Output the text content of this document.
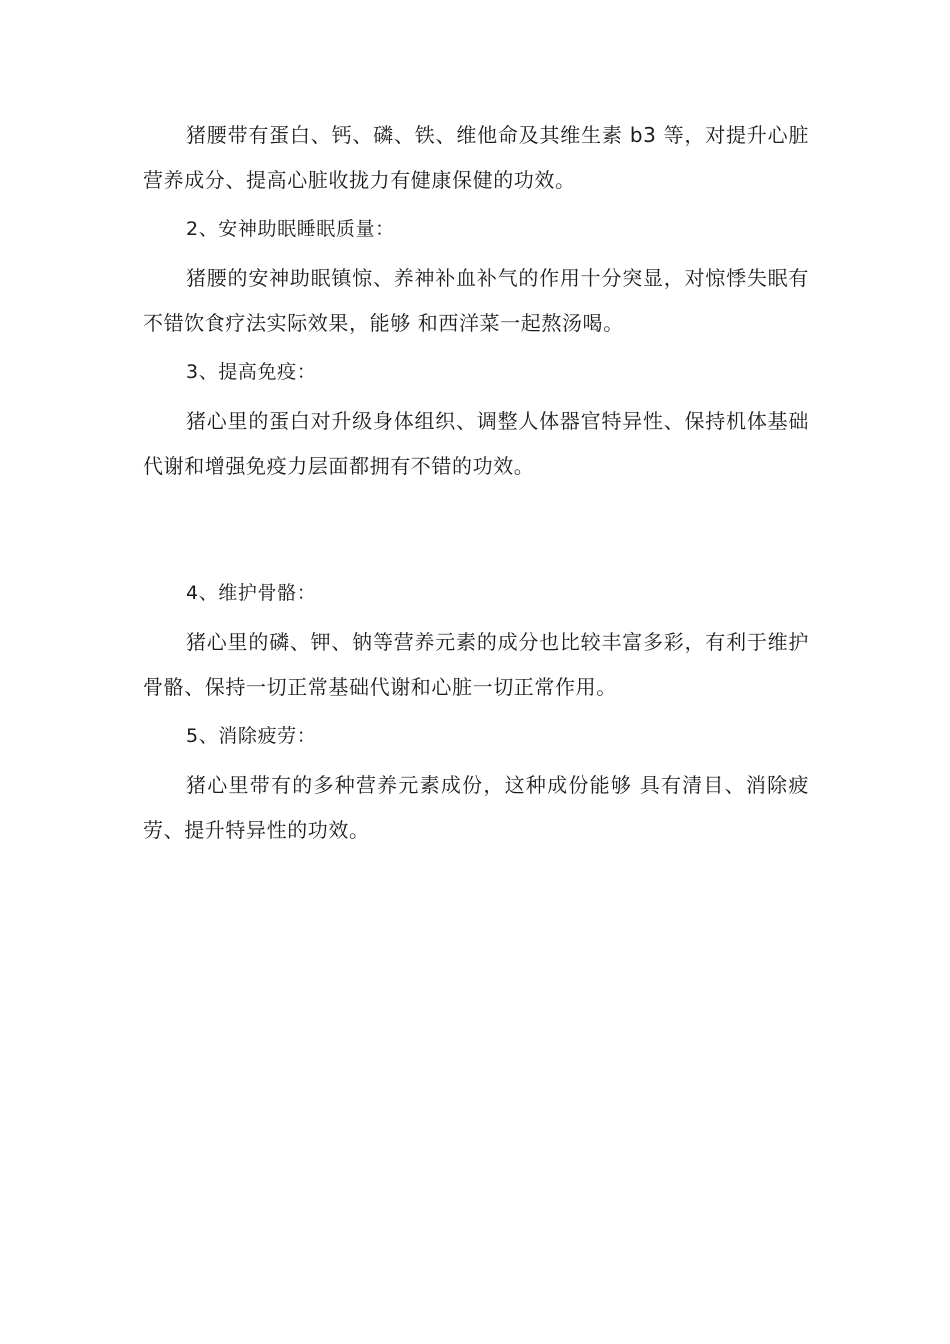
猪腰带有蛋白、钙、磷、铁、维他命及其维生素 b3 等，对提升心脏营养成分、提高心脏收拢力有健康保健的功效。

2、安神助眠睡眠质量：

猪腰的安神助眠镇惊、养神补血补气的作用十分突显，对惊悸失眠有不错饮食疗法实际效果，能够 和西洋菜一起熬汤喝。

3、提高免疫：

猪心里的蛋白对升级身体组织、调整人体器官特异性、保持机体基础代谢和增强免疫力层面都拥有不错的功效。

4、维护骨骼：

猪心里的磷、钾、钠等营养元素的成分也比较丰富多彩，有利于维护骨骼、保持一切正常基础代谢和心脏一切正常作用。

5、消除疲劳：

猪心里带有的多种营养元素成份，这种成份能够 具有清目、消除疲劳、提升特异性的功效。
